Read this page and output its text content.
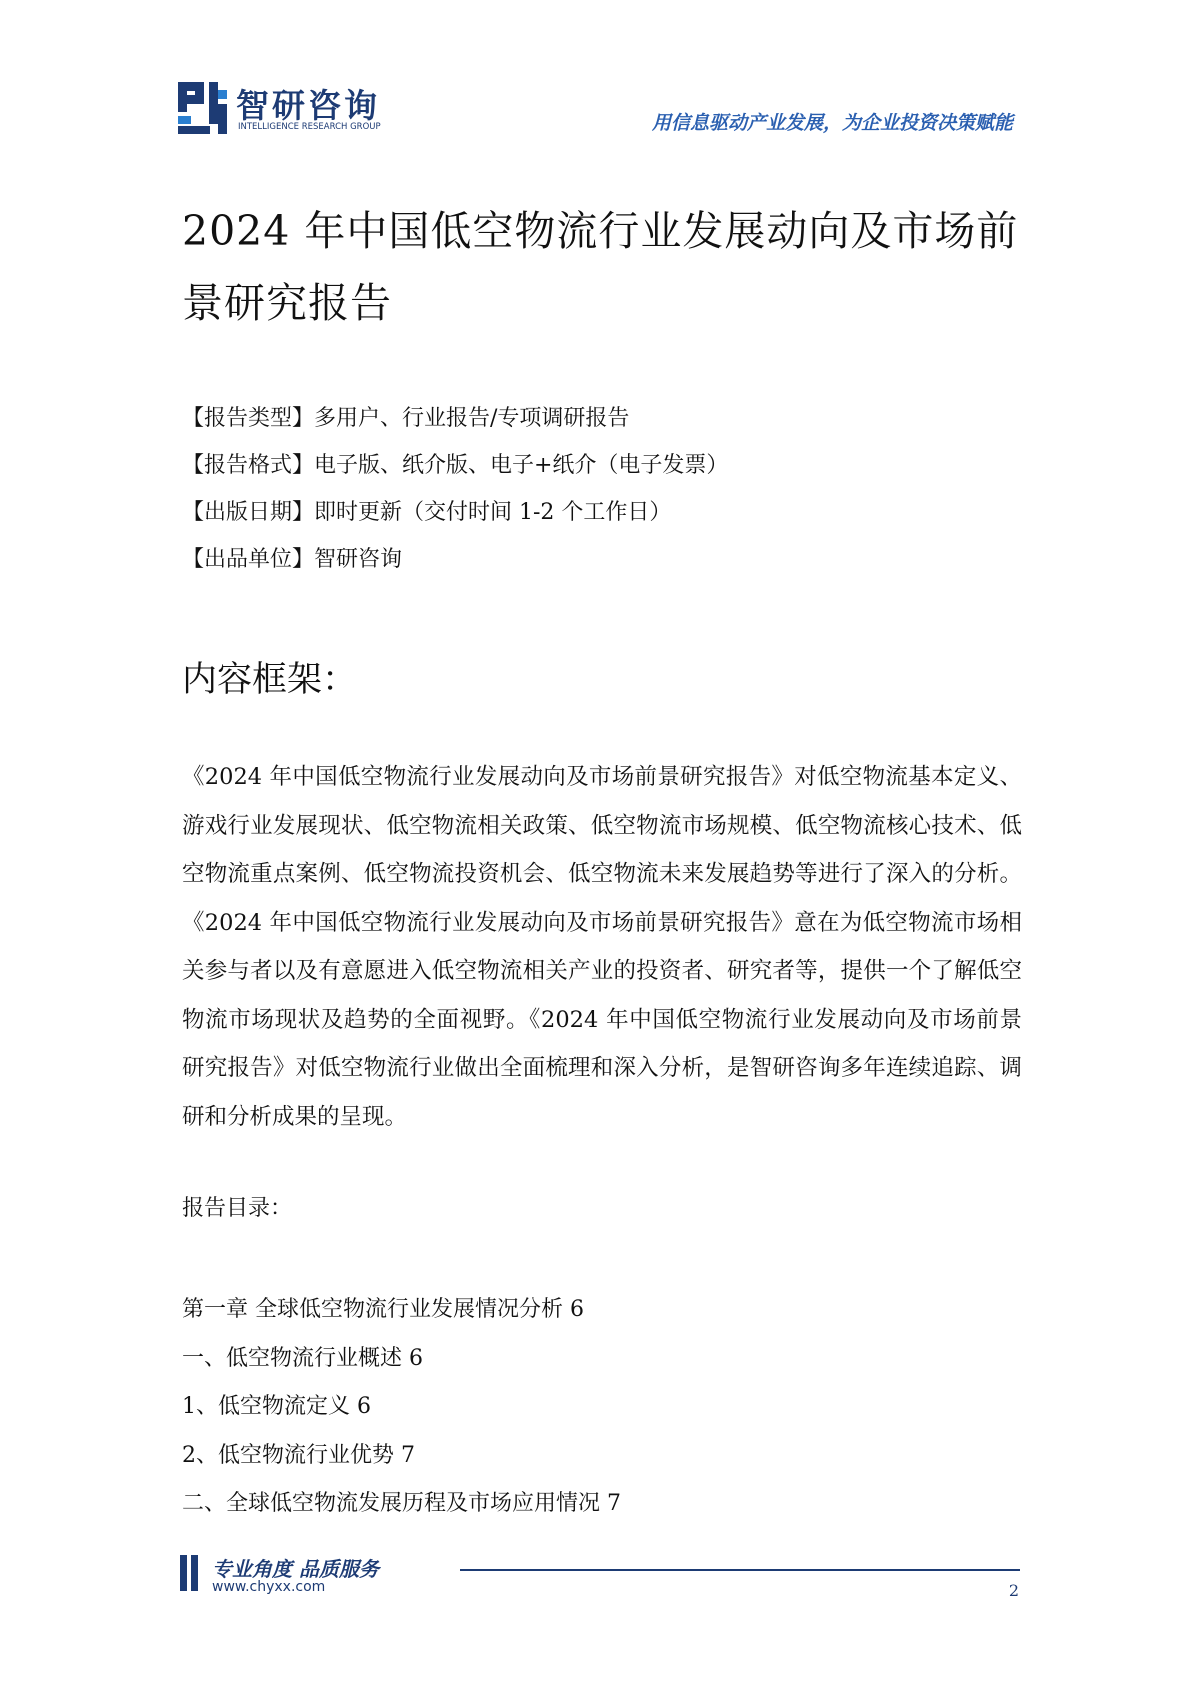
智研咨询
INTELLIGENCE RESEARCH GROUP	用信息驱动产业发展，为企业投资决策赋能
2024 年中国低空物流行业发展动向及市场前景研究报告
【报告类型】多用户、行业报告/专项调研报告
【报告格式】电子版、纸介版、电子+纸介（电子发票）
【出版日期】即时更新（交付时间 1-2 个工作日）
【出品单位】智研咨询
内容框架：

《2024 年中国低空物流行业发展动向及市场前景研究报告》对低空物流基本定义、游戏行业发展现状、低空物流相关政策、低空物流市场规模、低空物流核心技术、低空物流重点案例、低空物流投资机会、低空物流未来发展趋势等进行了深入的分析。《2024 年中国低空物流行业发展动向及市场前景研究报告》意在为低空物流市场相关参与者以及有意愿进入低空物流相关产业的投资者、研究者等，提供一个了解低空物流市场现状及趋势的全面视野。《2024 年中国低空物流行业发展动向及市场前景研究报告》对低空物流行业做出全面梳理和深入分析，是智研咨询多年连续追踪、调研和分析成果的呈现。

报告目录：
第一章 全球低空物流行业发展情况分析 6
一、低空物流行业概述 6
1、低空物流定义 6
2、低空物流行业优势 7
二、全球低空物流发展历程及市场应用情况 7
专业角度 品质服务
www.chyxx.com	2
